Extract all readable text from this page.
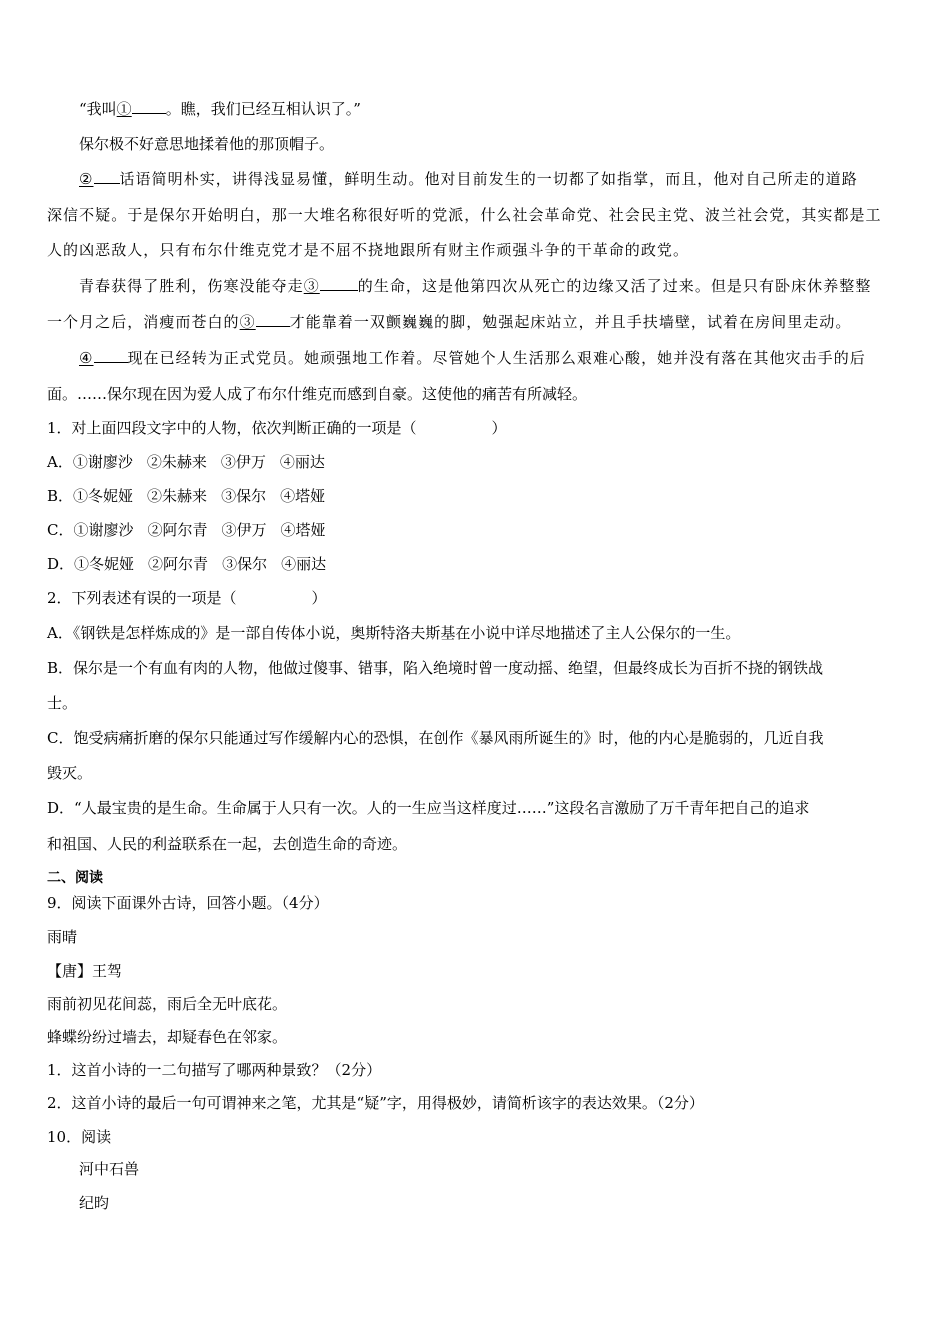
“我叫① 。瞧，我们已经互相认识了。”
保尔极不好意思地揉着他的那顶帽子。
② 话语简明朴实，讲得浅显易懂，鲜明生动。他对目前发生的一切都了如指掌，而且，他对自己所走的道路
深信不疑。于是保尔开始明白，那一大堆名称很好听的党派，什么社会革命党、社会民主党、波兰社会党，其实都是工
人的凶恶敌人，只有布尔什维克党才是不屈不挠地跟所有财主作顽强斗争的干革命的政党。
青春获得了胜利，伤寒没能夺走③	的生命，这是他第四次从死亡的边缘又活了过来。但是只有卧床休养整整
一个月之后，消瘦而苍白的③ 才能靠着一双颤巍巍的脚，勉强起床站立，并且手扶墙壁，试着在房间里走动。
④ 现在已经转为正式党员。她顽强地工作着。尽管她个人生活那么艰难心酸，她并没有落在其他灾击手的后
面。……保尔现在因为爱人成了布尔什维克而感到自豪。这使他的痛苦有所减轻。
1．对上面四段文字中的人物，依次判断正确的一项是（　　　　　）
A．①谢廖沙 ②朱赫来 ③伊万 ④丽达
B．①冬妮娅 ②朱赫来 ③保尔 ④塔娅
C．①谢廖沙 ②阿尔青 ③伊万 ④塔娅
D．①冬妮娅 ②阿尔青 ③保尔 ④丽达
2．下列表述有误的一项是（　　　　　）
A．《钢铁是怎样炼成的》是一部自传体小说，奥斯特洛夫斯基在小说中详尽地描述了主人公保尔的一生。
B．保尔是一个有血有肉的人物，他做过傻事、错事，陷入绝境时曾一度动摇、绝望，但最终成长为百折不挠的钢铁战
士。
C．饱受病痛折磨的保尔只能通过写作缓解内心的恐惧，在创作《暴风雨所诞生的》时，他的内心是脆弱的，几近自我
毁灭。
D．“人最宝贵的是生命。生命属于人只有一次。人的一生应当这样度过……”这段名言激励了万千青年把自己的追求
和祖国、人民的利益联系在一起，去创造生命的奇迹。
二、阅读
9．阅读下面课外古诗，回答小题。（4分）
雨晴
【唐】王驾
雨前初见花间蕊，雨后全无叶底花。
蜂蝶纷纷过墙去，却疑春色在邻家。
1．这首小诗的一二句描写了哪两种景致？（2分）
2．这首小诗的最后一句可谓神来之笔，尤其是“疑”字，用得极妙，请简析该字的表达效果。（2分）
10．阅读
河中石兽
纪昀
